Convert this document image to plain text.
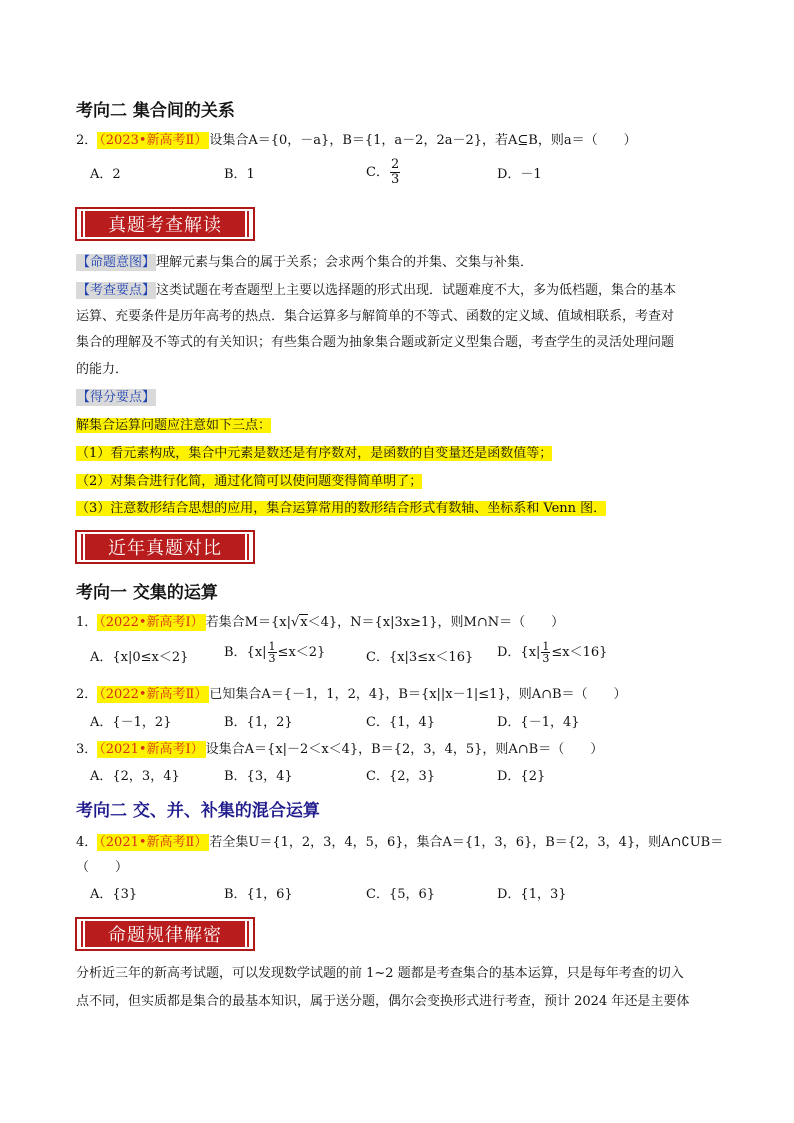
考向二 集合间的关系
2． （2023•新高考Ⅱ） 设集合A＝{0，－a}，B＝{1，a－2，2a－2}，若A⊆B，则a＝（　　）
A．2	B．1	C． $\frac{2}{3}$	D．－1
真题考查解读
【命题意图】理解元素与集合的属于关系；会求两个集合的并集、交集与补集．
【考查要点】这类试题在考查题型上主要以选择题的形式出现．试题难度不大，多为低档题，集合的基本
运算、充要条件是历年高考的热点．集合运算多与解简单的不等式、函数的定义域、值域相联系，考查对
集合的理解及不等式的有关知识；有些集合题为抽象集合题或新定义型集合题，考查学生的灵活处理问题
的能力．
【得分要点】
解集合运算问题应注意如下三点：
（1）看元素构成，集合中元素是数还是有序数对，是函数的自变量还是函数值等；
（2）对集合进行化简，通过化简可以使问题变得简单明了；
（3）注意数形结合思想的应用，集合运算常用的数形结合形式有数轴、坐标系和 Venn 图．
近年真题对比
考向一 交集的运算
1． （2022•新高考Ⅰ） 若集合M＝{x|√x＜4}，N＝{x|3x≥1}，则M∩N＝（　　）
A．{x|0≤x＜2}	B．$\{x| \frac{1}{3} \le x<2\}$	C．{x|3≤x＜16} D．$\{x| \frac{1}{3} \le x<16\}$
2． （2022•新高考Ⅱ） 已知集合A＝{－1，1，2，4}，B＝{x||x－1|≤1}，则A∩B＝（　　）
A．{－1，2}	B．{1，2}	C．{1，4}	D．{－1，4}
3． （2021•新高考Ⅰ） 设集合A＝{x|－2＜x＜4}，B＝{2，3，4，5}，则A∩B＝（　　）
A．{2，3，4}	B．{3，4}	C．{2，3}	D．{2}
考向二 交、并、补集的混合运算
4． （2021•新高考Ⅱ） 若全集U＝{1，2，3，4，5，6}，集合A＝{1，3，6}，B＝{2，3，4}，则A∩∁UB＝
（　　）
A．{3}	B．{1，6}	C．{5，6}	D．{1，3}
命题规律解密
分析近三年的新高考试题，可以发现数学试题的前 1~2 题都是考查集合的基本运算，只是每年考查的切入
点不同，但实质都是集合的最基本知识，属于送分题，偶尔会变换形式进行考查，预计 2024 年还是主要体
